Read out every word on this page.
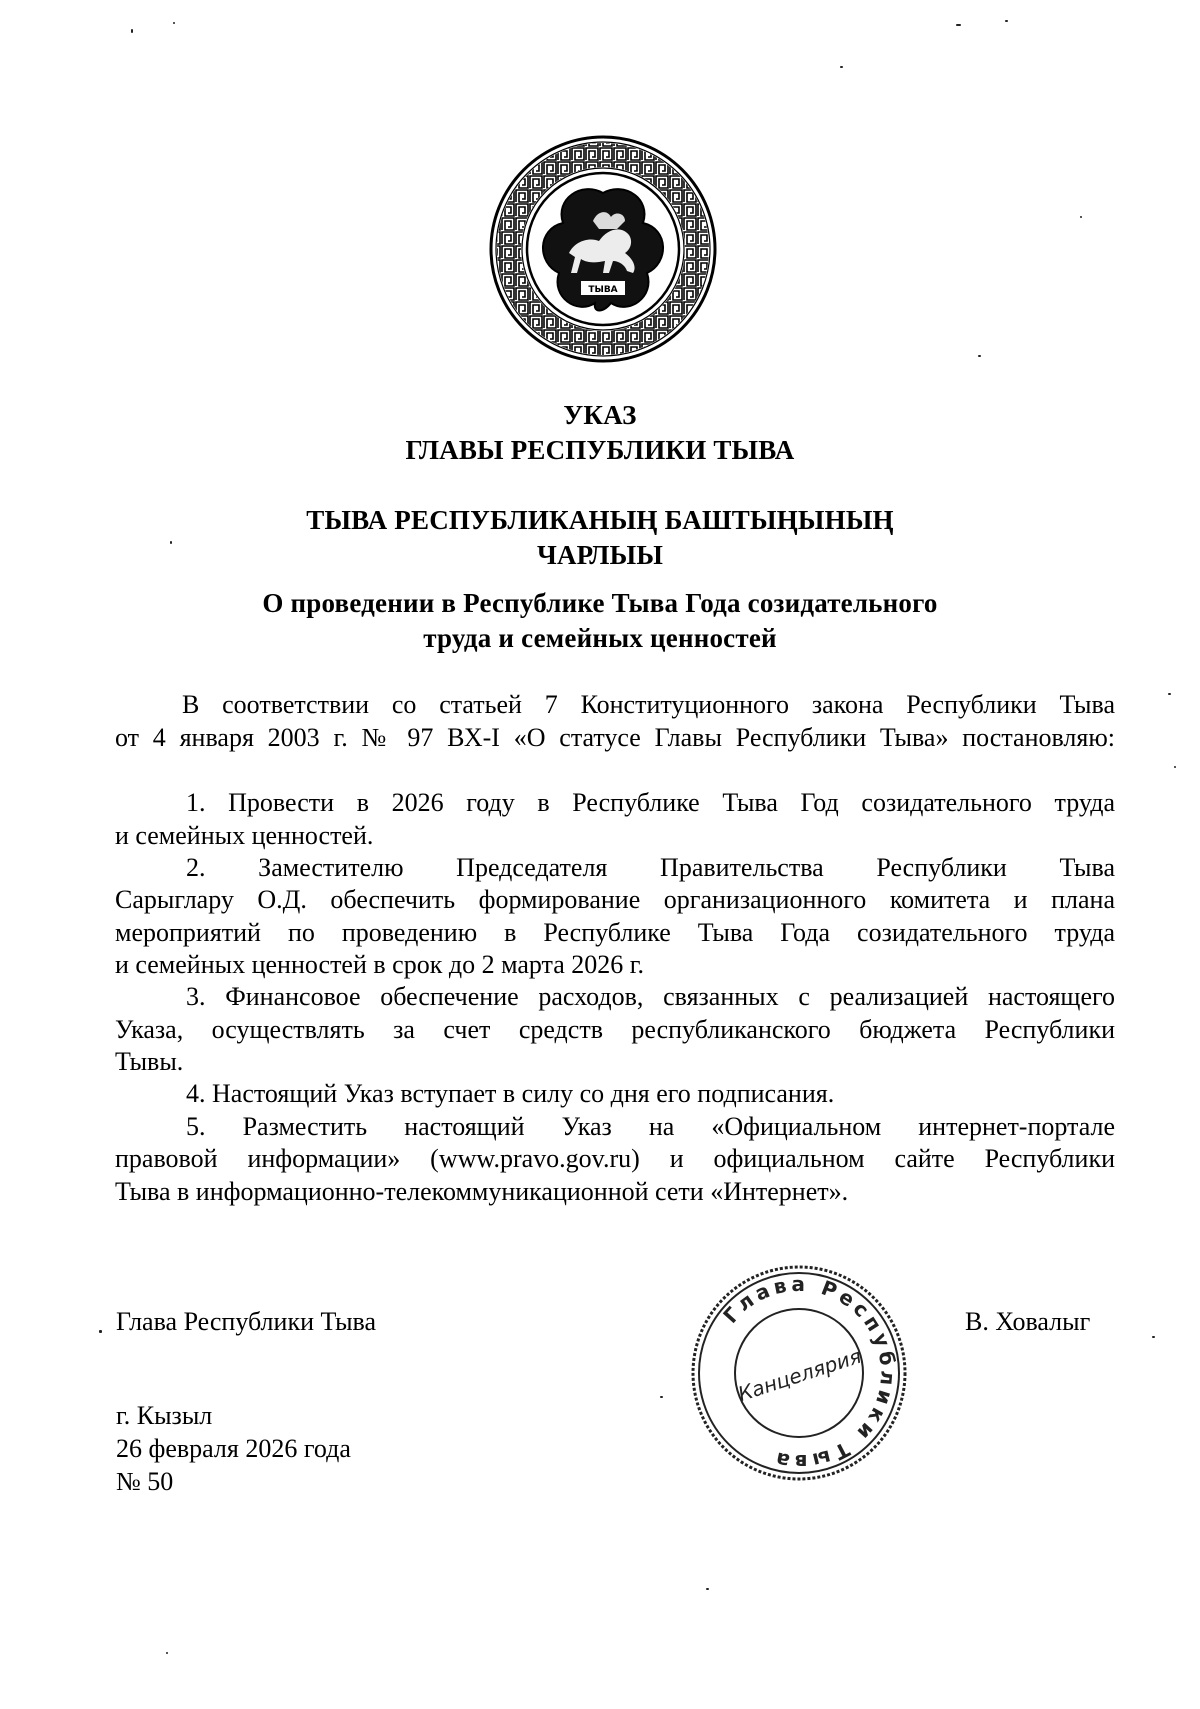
ТЫВА
УКАЗ
ГЛАВЫ РЕСПУБЛИКИ ТЫВА
ТЫВА РЕСПУБЛИКАНЫҢ БАШТЫҢЫНЫҢ
ЧАРЛЫЫ
О проведении в Республике Тыва Года созидательного
труда и семейных ценностей
В соответствии со статьей 7 Конституционного закона Республики Тыва
от 4 января 2003 г. № 97 ВХ-I «О статусе Главы Республики Тыва» постановляю:
1. Провести в 2026 году в Республике Тыва Год созидательного труда
и семейных ценностей.
2. Заместителю Председателя Правительства Республики Тыва
Сарыглару О.Д. обеспечить формирование организационного комитета и плана
мероприятий по проведению в Республике Тыва Года созидательного труда
и семейных ценностей в срок до 2 марта 2026 г.
3. Финансовое обеспечение расходов, связанных с реализацией настоящего
Указа, осуществлять за счет средств республиканского бюджета Республики
Тывы.
4. Настоящий Указ вступает в силу со дня его подписания.
5. Разместить настоящий Указ на «Официальном интернет-портале
правовой информации» (www.pravo.gov.ru) и официальном сайте Республики
Тыва в информационно-телекоммуникационной сети «Интернет».
Глава Республики Тыва	В. Ховалыг
Глава Республики Тыва
Канцелярия
г. Кызыл
26 февраля 2026 года
№ 50
